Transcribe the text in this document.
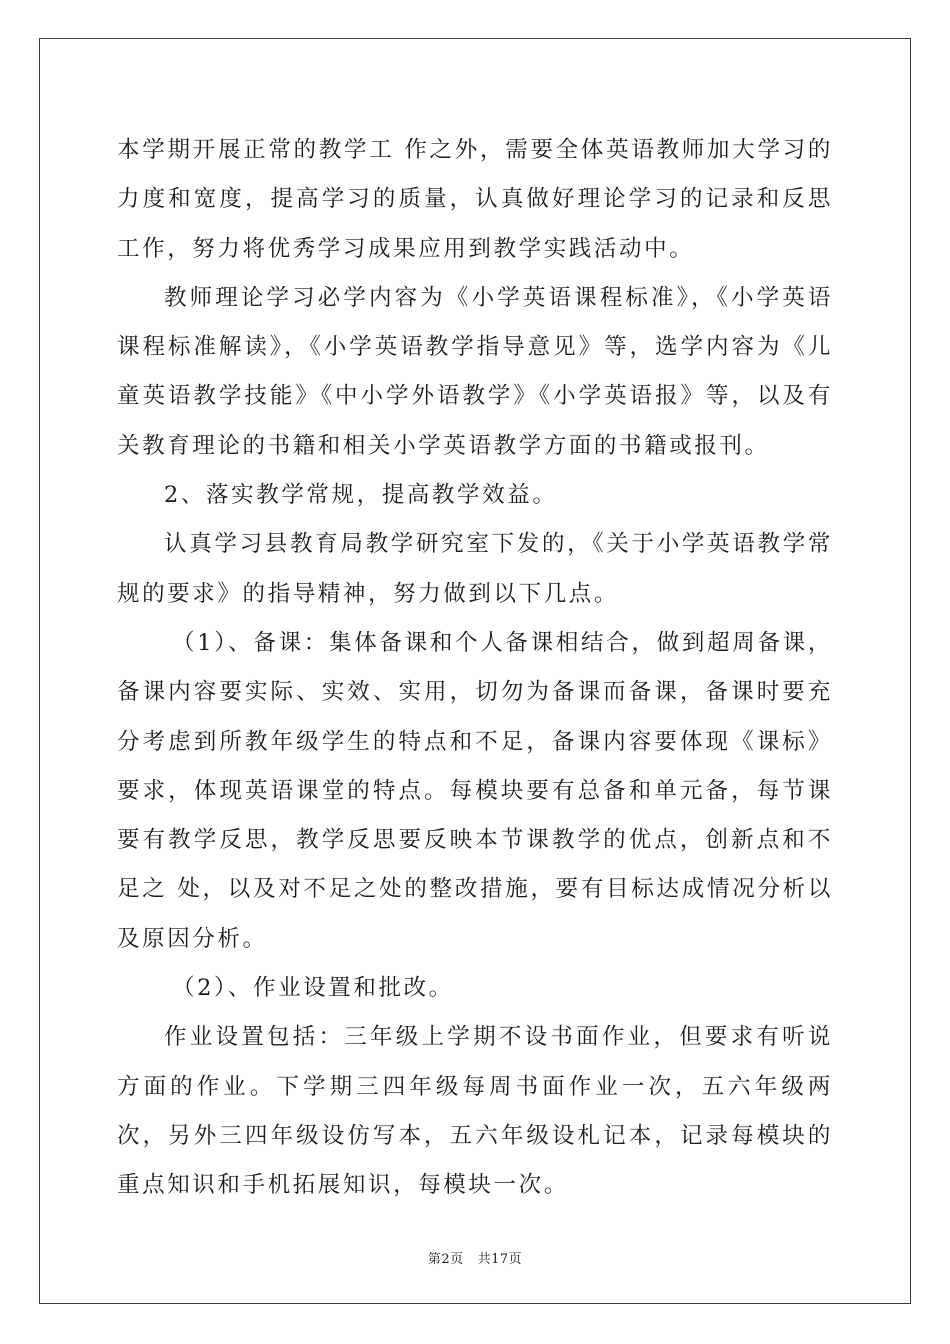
本学期开展正常的教学工 作之外，需要全体英语教师加大学习的力度和宽度，提高学习的质量，认真做好理论学习的记录和反思工作，努力将优秀学习成果应用到教学实践活动中。

教师理论学习必学内容为《小学英语课程标准》，《小学英语课程标准解读》，《小学英语教学指导意见》等，选学内容为《儿童英语教学技能》《中小学外语教学》《小学英语报》等，以及有关教育理论的书籍和相关小学英语教学方面的书籍或报刊。

2、落实教学常规，提高教学效益。

认真学习县教育局教学研究室下发的，《关于小学英语教学常规的要求》的指导精神，努力做到以下几点。

（1）、备课：集体备课和个人备课相结合，做到超周备课，备课内容要实际、实效、实用，切勿为备课而备课，备课时要充分考虑到所教年级学生的特点和不足，备课内容要体现《课标》要求，体现英语课堂的特点。每模块要有总备和单元备，每节课要有教学反思，教学反思要反映本节课教学的优点，创新点和不足之 处，以及对不足之处的整改措施，要有目标达成情况分析以及原因分析。

（2）、作业设置和批改。

作业设置包括：三年级上学期不设书面作业，但要求有听说方面的作业。下学期三四年级每周书面作业一次，五六年级两次，另外三四年级设仿写本，五六年级设札记本，记录每模块的重点知识和手机拓展知识，每模块一次。

第2页 共17页
